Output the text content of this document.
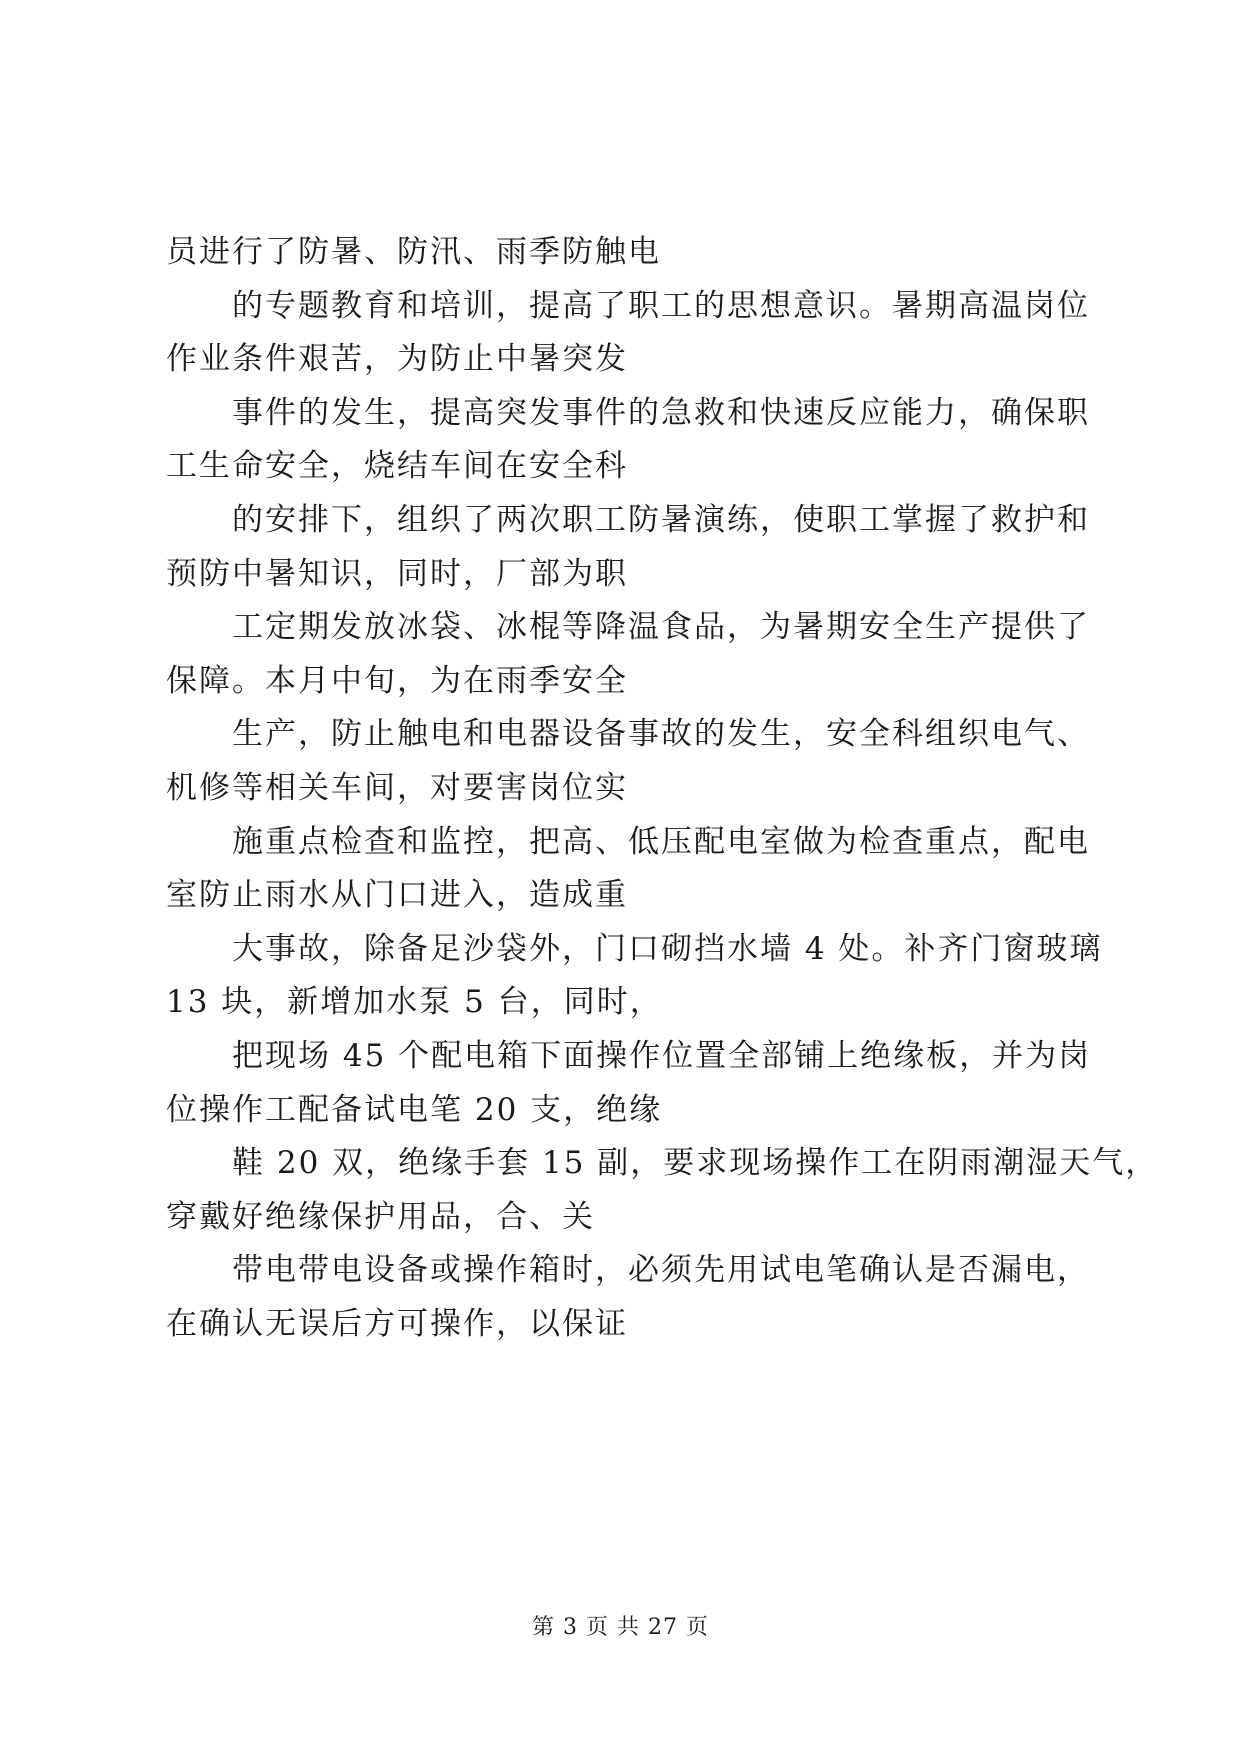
员进行了防暑、防汛、雨季防触电
的专题教育和培训，提高了职工的思想意识。暑期高温岗位
作业条件艰苦，为防止中暑突发
事件的发生，提高突发事件的急救和快速反应能力，确保职
工生命安全，烧结车间在安全科
的安排下，组织了两次职工防暑演练，使职工掌握了救护和
预防中暑知识，同时，厂部为职
工定期发放冰袋、冰棍等降温食品，为暑期安全生产提供了
保障。本月中旬，为在雨季安全
生产，防止触电和电器设备事故的发生，安全科组织电气、
机修等相关车间，对要害岗位实
施重点检查和监控，把高、低压配电室做为检查重点，配电
室防止雨水从门口进入，造成重
大事故，除备足沙袋外，门口砌挡水墙 4 处。补齐门窗玻璃
13 块，新增加水泵 5 台，同时，
把现场 45 个配电箱下面操作位置全部铺上绝缘板，并为岗
位操作工配备试电笔 20 支，绝缘
鞋 20 双，绝缘手套 15 副，要求现场操作工在阴雨潮湿天气，
穿戴好绝缘保护用品，合、关
带电带电设备或操作箱时，必须先用试电笔确认是否漏电，
在确认无误后方可操作，以保证
第 3 页 共 27 页
